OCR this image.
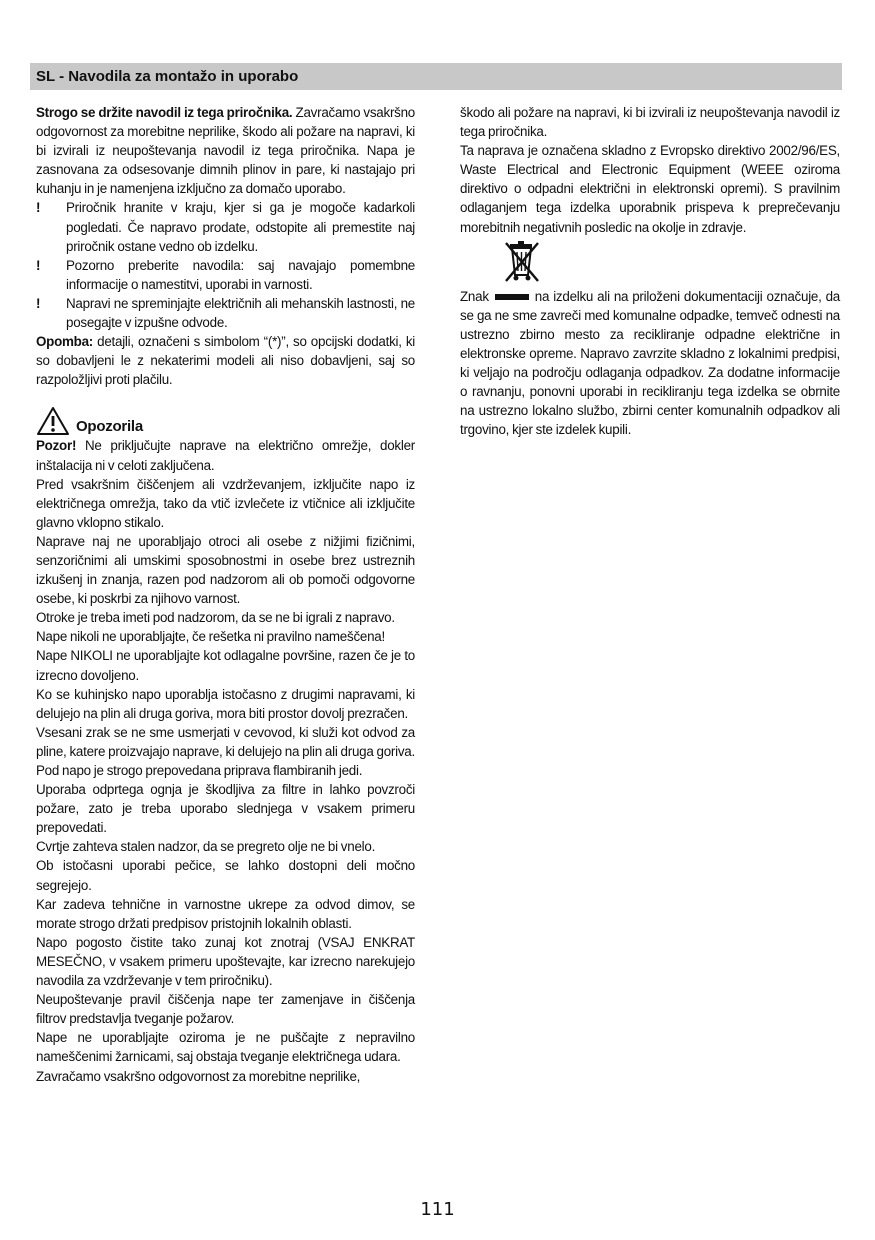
SL - Navodila za montažo in uporabo

Strogo se držite navodil iz tega priročnika. Zavračamo vsakršno odgovornost za morebitne neprilike, škodo ali požare na napravi, ki bi izvirali iz neupoštevanja navodil iz tega priročnika. Napa je zasnovana za odsesovanje dimnih plinov in pare, ki nastajajo pri kuhanju in je namenjena izključno za domačo uporabo.

! Priročnik hranite v kraju, kjer si ga je mogoče kadarkoli pogledati. Če napravo prodate, odstopite ali premestite naj priročnik ostane vedno ob izdelku.
! Pozorno preberite navodila: saj navajajo pomembne informacije o namestitvi, uporabi in varnosti.
! Napravi ne spreminjajte električnih ali mehanskih lastnosti, ne posegajte v izpušne odvode.

Opomba: detajli, označeni s simbolom “(*)”, so opcijski dodatki, ki so dobavljeni le z nekaterimi modeli ali niso dobavljeni, saj so razpoložljivi proti plačilu.

Opozorila

Pozor! Ne priključujte naprave na električno omrežje, dokler inštalacija ni v celoti zaključena.

Pred vsakršnim čiščenjem ali vzdrževanjem, izključite napo iz električnega omrežja, tako da vtič izvlečete iz vtičnice ali izključite glavno vklopno stikalo.

Naprave naj ne uporabljajo otroci ali osebe z nižjimi fizičnimi, senzoričnimi ali umskimi sposobnostmi in osebe brez ustreznih izkušenj in znanja, razen pod nadzorom ali ob pomoči odgovorne osebe, ki poskrbi za njihovo varnost.

Otroke je treba imeti pod nadzorom, da se ne bi igrali z napravo.

Nape nikoli ne uporabljajte, če rešetka ni pravilno nameščena!

Nape NIKOLI ne uporabljajte kot odlagalne površine, razen če je to izrecno dovoljeno.

Ko se kuhinjsko napo uporablja istočasno z drugimi napravami, ki delujejo na plin ali druga goriva, mora biti prostor dovolj prezračen.

Vsesani zrak se ne sme usmerjati v cevovod, ki služi kot odvod za pline, katere proizvajajo naprave, ki delujejo na plin ali druga goriva.

Pod napo je strogo prepovedana priprava flambiranih jedi.

Uporaba odprtega ognja je škodljiva za filtre in lahko povzroči požare, zato je treba uporabo slednjega v vsakem primeru prepovedati.

Cvrtje zahteva stalen nadzor, da se pregreto olje ne bi vnelo.

Ob istočasni uporabi pečice, se lahko dostopni deli močno segrejejo.

Kar zadeva tehnične in varnostne ukrepe za odvod dimov, se morate strogo držati predpisov pristojnih lokalnih oblasti.

Napo pogosto čistite tako zunaj kot znotraj (VSAJ ENKRAT MESEČNO, v vsakem primeru upoštevajte, kar izrecno narekujejo navodila za vzdrževanje v tem priročniku).

Neupoštevanje pravil čiščenja nape ter zamenjave in čiščenja filtrov predstavlja tveganje požarov.

Nape ne uporabljajte oziroma je ne puščajte z nepravilno nameščenimi žarnicami, saj obstaja tveganje električnega udara.

Zavračamo vsakršno odgovornost za morebitne neprilike,

škodo ali požare na napravi, ki bi izvirali iz neupoštevanja navodil iz tega priročnika.

Ta naprava je označena skladno z Evropsko direktivo 2002/96/ES, Waste Electrical and Electronic Equipment (WEEE oziroma direktivo o odpadni električni in elektronski opremi). S pravilnim odlaganjem tega izdelka uporabnik prispeva k preprečevanju morebitnih negativnih posledic na okolje in zdravje.

Znak	na izdelku ali na priloženi dokumentaciji označuje, da se ga ne sme zavreči med komunalne odpadke, temveč odnesti na ustrezno zbirno mesto za recikliranje odpadne električne in elektronske opreme. Napravo zavrzite skladno z lokalnimi predpisi, ki veljajo na področju odlaganja odpadkov. Za dodatne informacije o ravnanju, ponovni uporabi in recikliranju tega izdelka se obrnite na ustrezno lokalno službo, zbirni center komunalnih odpadkov ali trgovino, kjer ste izdelek kupili.

111
